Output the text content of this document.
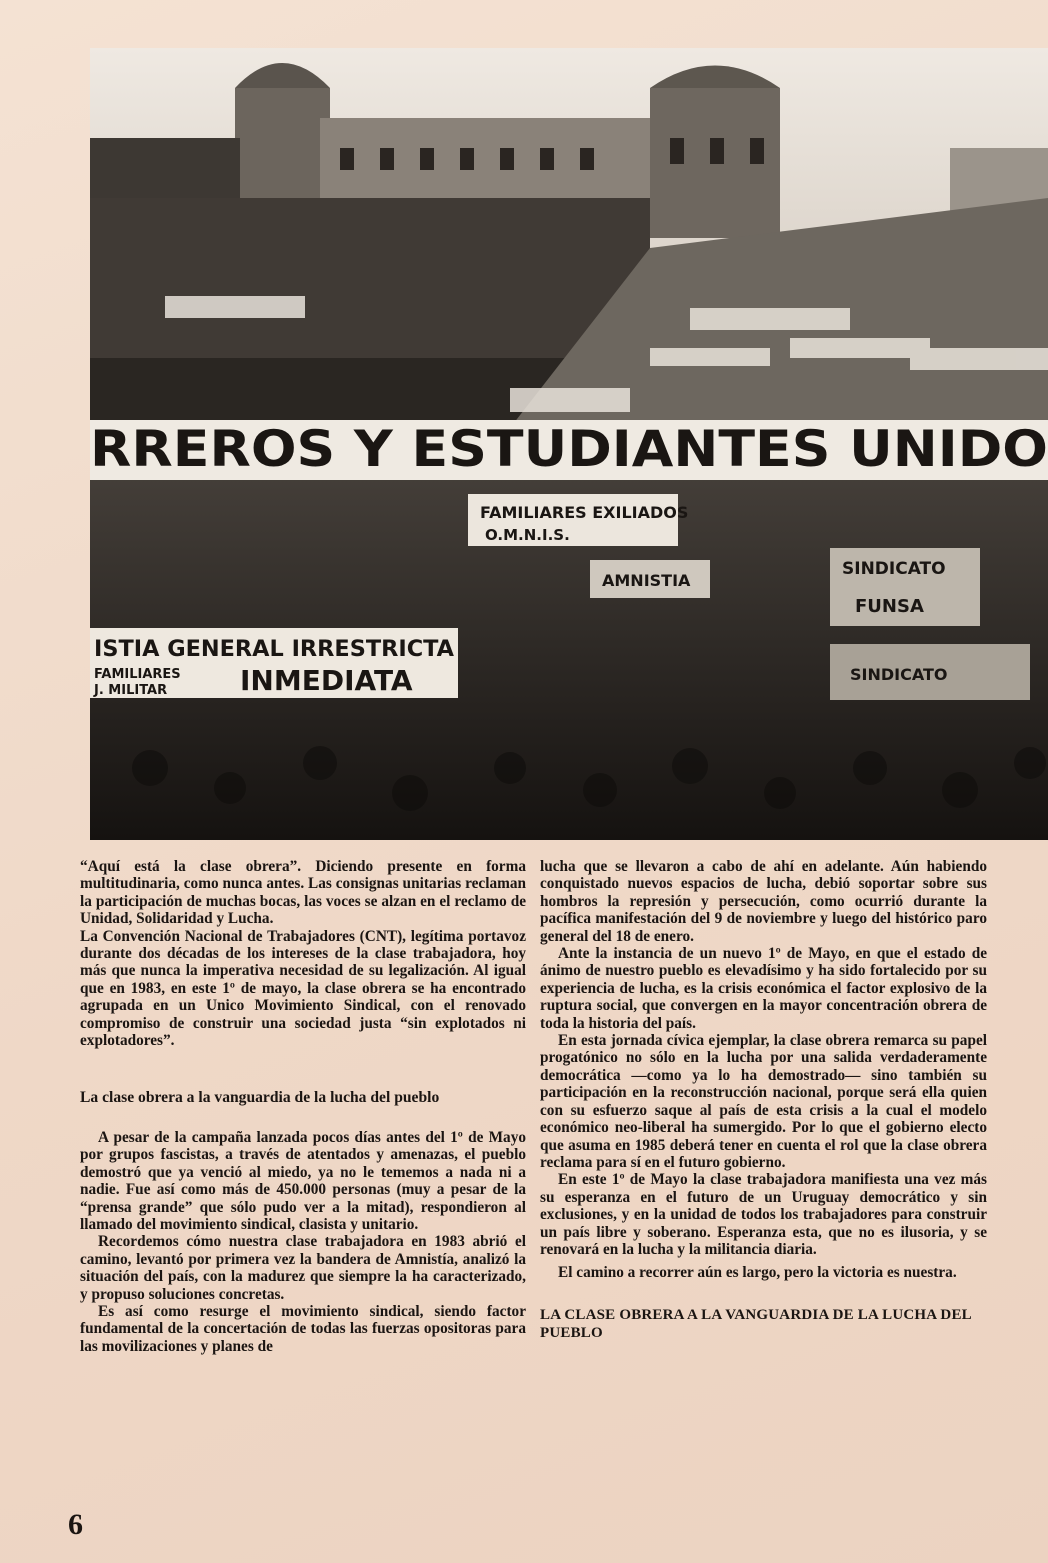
RREROS Y ESTUDIANTES UNIDO
FAMILIARES EXILIADOS
O.M.N.I.S.
AMNISTIA
SINDICATO
FUNSA
SINDICATO
ISTIA GENERAL IRRESTRICTA
INMEDIATA
FAMILIARES
J. MILITAR

“Aquí está la clase obrera”. Diciendo presente en forma multitudinaria, como nunca antes. Las consignas unitarias reclaman la participación de muchas bocas, las voces se alzan en el reclamo de Unidad, Solidaridad y Lucha.

La Convención Nacional de Trabajadores (CNT), legítima portavoz durante dos décadas de los intereses de la clase trabajadora, hoy más que nunca la imperativa necesidad de su legalización. Al igual que en 1983, en este 1º de mayo, la clase obrera se ha encontrado agrupada en un Unico Movimiento Sindical, con el renovado compromiso de construir una sociedad justa “sin explotados ni explotadores”.

La clase obrera a la vanguardia de la lucha del pueblo

A pesar de la campaña lanzada pocos días antes del 1º de Mayo por grupos fascistas, a través de atentados y amenazas, el pueblo demostró que ya venció al miedo, ya no le tememos a nada ni a nadie. Fue así como más de 450.000 personas (muy a pesar de la “prensa grande” que sólo pudo ver a la mitad), respondieron al llamado del movimiento sindical, clasista y unitario.

Recordemos cómo nuestra clase trabajadora en 1983 abrió el camino, levantó por primera vez la bandera de Amnistía, analizó la situación del país, con la madurez que siempre la ha caracterizado, y propuso soluciones concretas.

Es así como resurge el movimiento sindical, siendo factor fundamental de la concertación de todas las fuerzas opositoras para las movilizaciones y planes de

lucha que se llevaron a cabo de ahí en adelante. Aún habiendo conquistado nuevos espacios de lucha, debió soportar sobre sus hombros la represión y persecución, como ocurrió durante la pacífica manifestación del 9 de noviembre y luego del histórico paro general del 18 de enero.

Ante la instancia de un nuevo 1º de Mayo, en que el estado de ánimo de nuestro pueblo es elevadísimo y ha sido fortalecido por su experiencia de lucha, es la crisis económica el factor explosivo de la ruptura social, que convergen en la mayor concentración obrera de toda la historia del país.

En esta jornada cívica ejemplar, la clase obrera remarca su papel progatónico no sólo en la lucha por una salida verdaderamente democrática —como ya lo ha demostrado— sino también su participación en la reconstrucción nacional, porque será ella quien con su esfuerzo saque al país de esta crisis a la cual el modelo económico neo-liberal ha sumergido. Por lo que el gobierno electo que asuma en 1985 deberá tener en cuenta el rol que la clase obrera reclama para sí en el futuro gobierno.

En este 1º de Mayo la clase trabajadora manifiesta una vez más su esperanza en el futuro de un Uruguay democrático y sin exclusiones, y en la unidad de todos los trabajadores para construir un país libre y soberano. Esperanza esta, que no es ilusoria, y se renovará en la lucha y la militancia diaria.

El camino a recorrer aún es largo, pero la victoria es nuestra.

LA CLASE OBRERA A LA VANGUARDIA DE LA LUCHA DEL PUEBLO

6
